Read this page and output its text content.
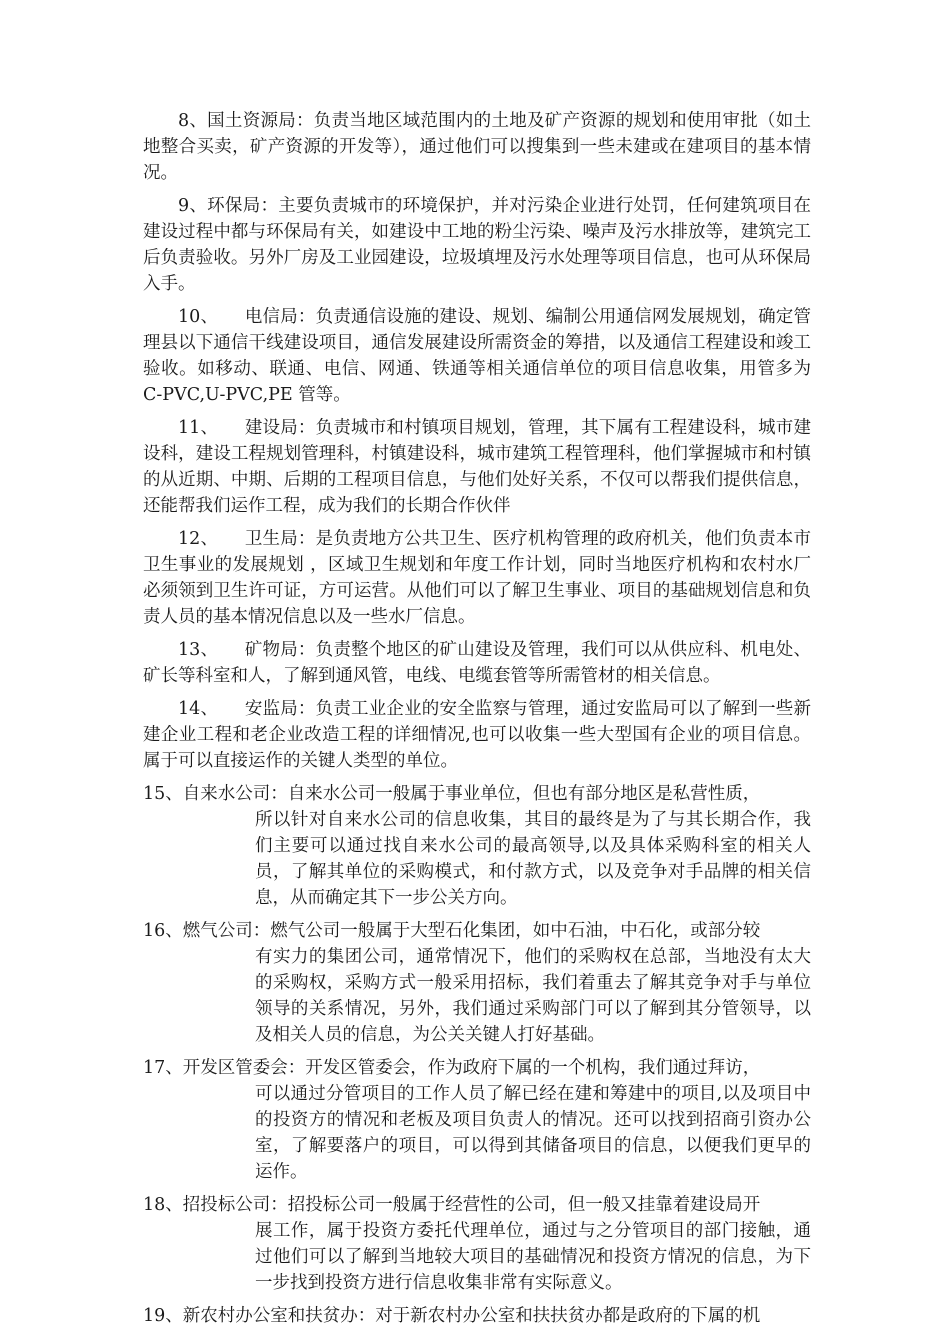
8、国土资源局：负责当地区域范围内的土地及矿产资源的规划和使用审批（如土地整合买卖，矿产资源的开发等），通过他们可以搜集到一些未建或在建项目的基本情况。

9、环保局：主要负责城市的环境保护，并对污染企业进行处罚，任何建筑项目在建设过程中都与环保局有关，如建设中工地的粉尘污染、噪声及污水排放等，建筑完工后负责验收。另外厂房及工业园建设，垃圾填埋及污水处理等项目信息，也可从环保局入手。

10、　　电信局：负责通信设施的建设、规划、编制公用通信网发展规划，确定管理县以下通信干线建设项目，通信发展建设所需资金的筹措，以及通信工程建设和竣工验收。如移动、联通、电信、网通、铁通等相关通信单位的项目信息收集，用管多为 C-PVC,U-PVC,PE 管等。

11、　　建设局：负责城市和村镇项目规划，管理，其下属有工程建设科，城市建设科，建设工程规划管理科，村镇建设科，城市建筑工程管理科，他们掌握城市和村镇的从近期、中期、后期的工程项目信息，与他们处好关系，不仅可以帮我们提供信息，还能帮我们运作工程，成为我们的长期合作伙伴

12、　　卫生局：是负责地方公共卫生、医疗机构管理的政府机关，他们负责本市卫生事业的发展规划 ，区域卫生规划和年度工作计划，同时当地医疗机构和农村水厂必须领到卫生许可证，方可运营。从他们可以了解卫生事业、项目的基础规划信息和负责人员的基本情况信息以及一些水厂信息。

13、　　矿物局：负责整个地区的矿山建设及管理，我们可以从供应科、机电处、矿长等科室和人，了解到通风管，电线、电缆套管等所需管材的相关信息。

14、　　安监局：负责工业企业的安全监察与管理，通过安监局可以了解到一些新建企业工程和老企业改造工程的详细情况,也可以收集一些大型国有企业的项目信息。属于可以直接运作的关键人类型的单位。

15、自来水公司：自来水公司一般属于事业单位，但也有部分地区是私营性质，
所以针对自来水公司的信息收集，其目的最终是为了与其长期合作，我们主要可以通过找自来水公司的最高领导,以及具体采购科室的相关人员，了解其单位的采购模式，和付款方式，以及竞争对手品牌的相关信息，从而确定其下一步公关方向。
16、燃气公司：燃气公司一般属于大型石化集团，如中石油，中石化，或部分较
有实力的集团公司，通常情况下，他们的采购权在总部，当地没有太大的采购权，采购方式一般采用招标，我们着重去了解其竞争对手与单位领导的关系情况，另外，我们通过采购部门可以了解到其分管领导，以及相关人员的信息，为公关关键人打好基础。
17、开发区管委会：开发区管委会，作为政府下属的一个机构，我们通过拜访，
可以通过分管项目的工作人员了解已经在建和筹建中的项目,以及项目中的投资方的情况和老板及项目负责人的情况。还可以找到招商引资办公室，了解要落户的项目，可以得到其储备项目的信息，以便我们更早的运作。
18、招投标公司：招投标公司一般属于经营性的公司，但一般又挂靠着建设局开
展工作，属于投资方委托代理单位，通过与之分管项目的部门接触，通过他们可以了解到当地较大项目的基础情况和投资方情况的信息，为下一步找到投资方进行信息收集非常有实际意义。

19、新农村办公室和扶贫办：对于新农村办公室和扶扶贫办都是政府的下属的机
